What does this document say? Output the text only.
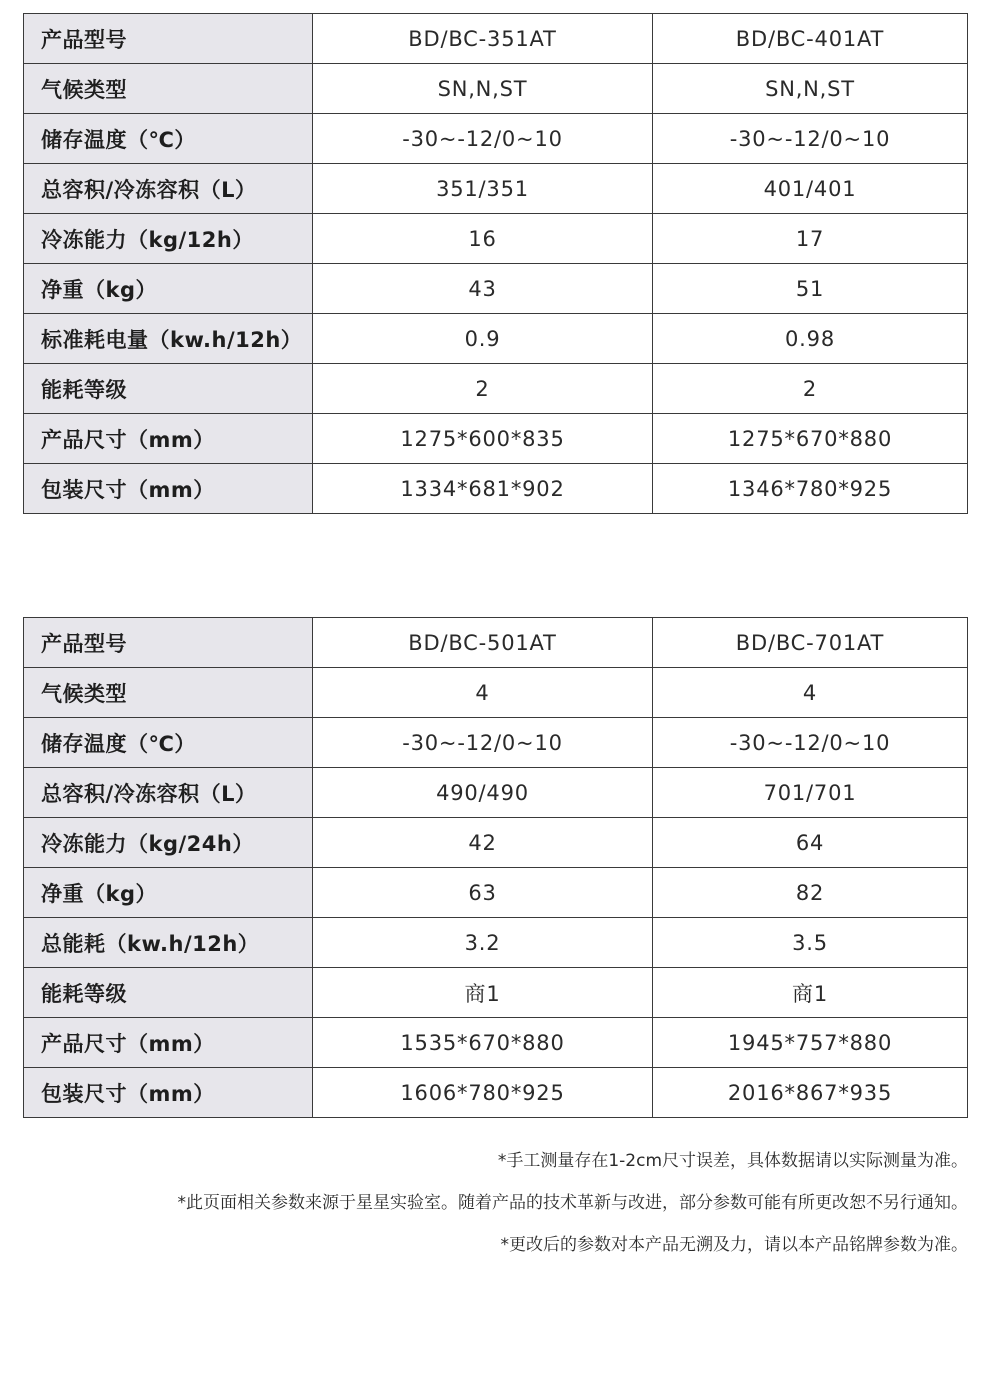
产品型号	BD/BC-351AT	BD/BC-401AT
气候类型	SN,N,ST	SN,N,ST
储存温度（℃）	-30~-12/0~10	-30~-12/0~10
总容积/冷冻容积（L）	351/351	401/401
冷冻能力（kg/12h）	16	17
净重（kg）	43	51
标准耗电量（kw.h/12h）	0.9	0.98
能耗等级	2	2
产品尺寸（mm）	1275*600*835	1275*670*880
包装尺寸（mm）	1334*681*902	1346*780*925
产品型号	BD/BC-501AT	BD/BC-701AT
气候类型	4	4
储存温度（℃）	-30~-12/0~10	-30~-12/0~10
总容积/冷冻容积（L）	490/490	701/701
冷冻能力（kg/24h）	42	64
净重（kg）	63	82
总能耗（kw.h/12h）	3.2	3.5
能耗等级	商1	商1
产品尺寸（mm）	1535*670*880	1945*757*880
包装尺寸（mm）	1606*780*925	2016*867*935

*手工测量存在1-2cm尺寸误差，具体数据请以实际测量为准。

*此页面相关参数来源于星星实验室。随着产品的技术革新与改进，部分参数可能有所更改恕不另行通知。

*更改后的参数对本产品无溯及力，请以本产品铭牌参数为准。
